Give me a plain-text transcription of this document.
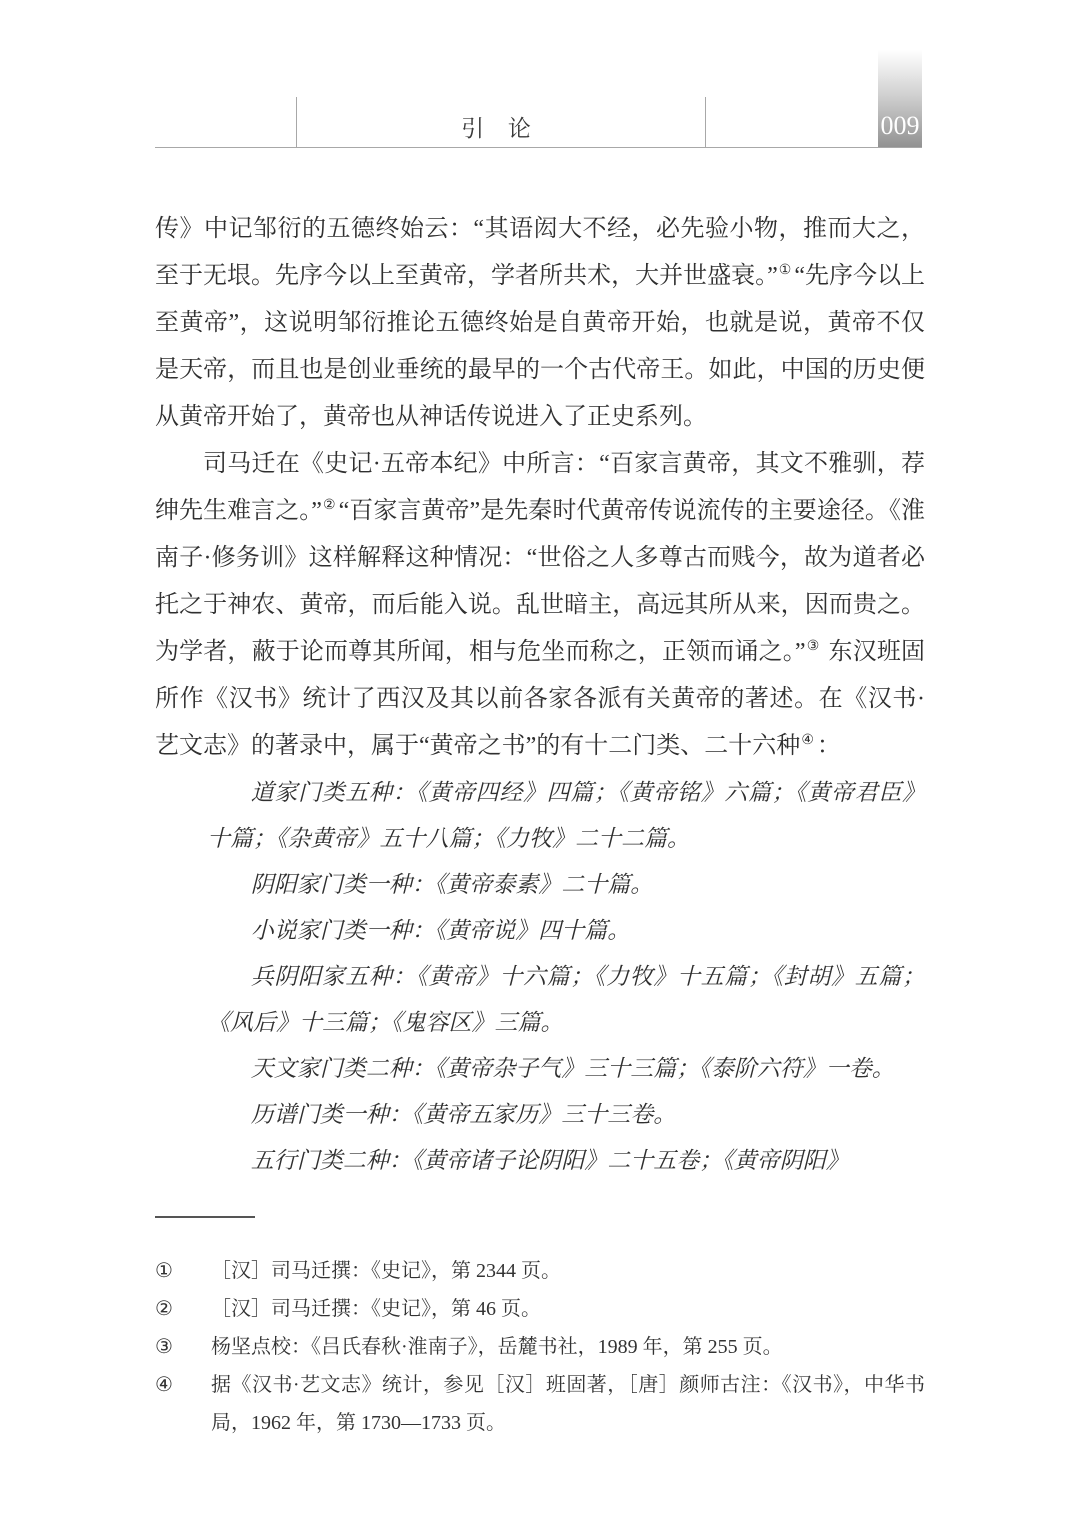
引 论	009

传》中记邹衍的五德终始云：“其语闳大不经，必先验小物，推而大之，至于无垠。先序今以上至黄帝，学者所共术，大并世盛衰。”① “先序今以上至黄帝”，这说明邹衍推论五德终始是自黄帝开始，也就是说，黄帝不仅是天帝，而且也是创业垂统的最早的一个古代帝王。如此，中国的历史便从黄帝开始了，黄帝也从神话传说进入了正史系列。

司马迁在《史记·五帝本纪》中所言：“百家言黄帝，其文不雅驯，荐绅先生难言之。”② “百家言黄帝”是先秦时代黄帝传说流传的主要途径。《淮南子·修务训》这样解释这种情况：“世俗之人多尊古而贱今，故为道者必托之于神农、黄帝，而后能入说。乱世暗主，高远其所从来，因而贵之。为学者，蔽于论而尊其所闻，相与危坐而称之，正领而诵之。”③ 东汉班固所作《汉书》统计了西汉及其以前各家各派有关黄帝的著述。在《汉书·艺文志》的著录中，属于“黄帝之书”的有十二门类、二十六种④ ：

道家门类五种：《黄帝四经》四篇；《黄帝铭》六篇；《黄帝君臣》十篇；《杂黄帝》五十八篇；《力牧》二十二篇。

阴阳家门类一种：《黄帝泰素》二十篇。

小说家门类一种：《黄帝说》四十篇。

兵阴阳家五种：《黄帝》十六篇；《力牧》十五篇；《封胡》五篇；《风后》十三篇；《鬼容区》三篇。

天文家门类二种：《黄帝杂子气》三十三篇；《泰阶六符》一卷。

历谱门类一种：《黄帝五家历》三十三卷。

五行门类二种：《黄帝诸子论阴阳》二十五卷；《黄帝阴阳》

①	［汉］司马迁撰：《史记》，第 2344 页。
②	［汉］司马迁撰：《史记》，第 46 页。
③	杨坚点校：《吕氏春秋·淮南子》，岳麓书社，1989 年，第 255 页。
④	据《汉书·艺文志》统计，参见［汉］班固著，［唐］颜师古注：《汉书》，中华书局，1962 年，第 1730—1733 页。
